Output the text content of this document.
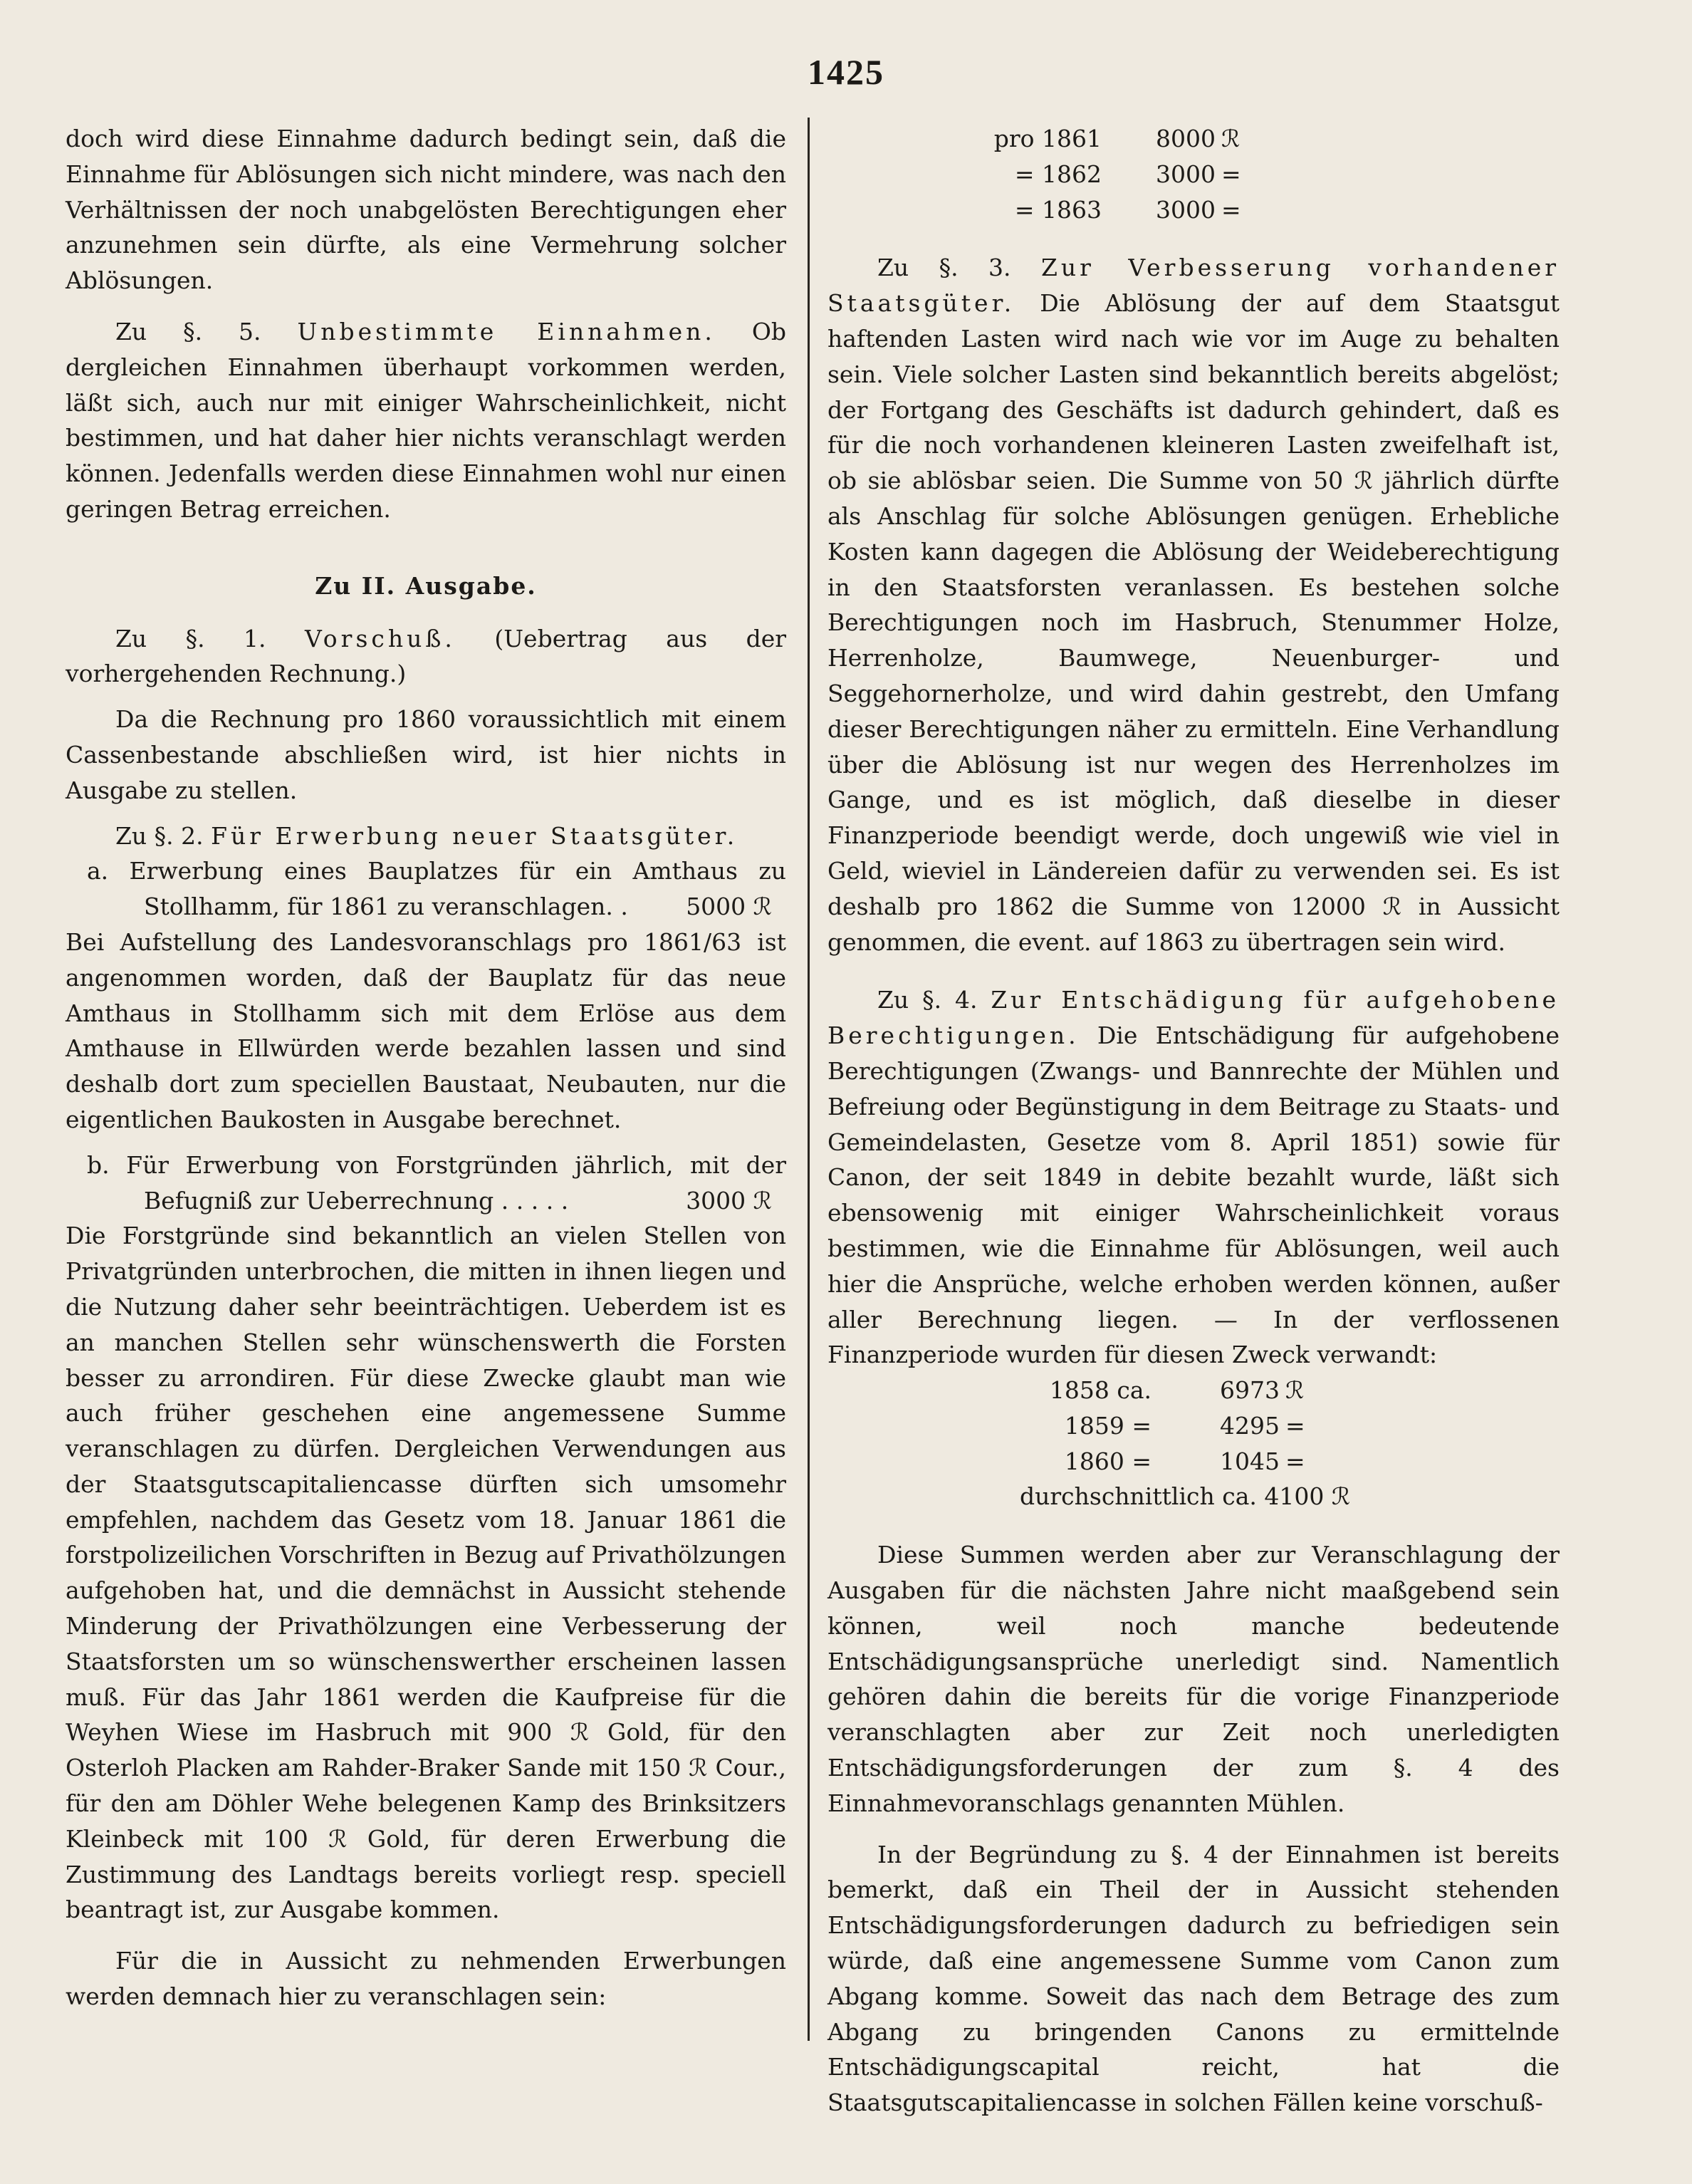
1425

doch wird diese Einnahme dadurch bedingt sein, daß die Einnahme für Ablösungen sich nicht mindere, was nach den Verhältnissen der noch unabgelösten Berechtigungen eher anzunehmen sein dürfte, als eine Vermehrung solcher Ablösungen.

Zu §. 5. Unbestimmte Einnahmen. Ob dergleichen Einnahmen überhaupt vorkommen werden, läßt sich, auch nur mit einiger Wahrscheinlichkeit, nicht bestimmen, und hat daher hier nichts veranschlagt werden können. Jedenfalls werden diese Einnahmen wohl nur einen geringen Betrag erreichen.

Zu II. Ausgabe.

Zu §. 1. Vorschuß. (Uebertrag aus der vorhergehenden Rechnung.)

Da die Rechnung pro 1860 voraussichtlich mit einem Cassenbestande abschließen wird, ist hier nichts in Ausgabe zu stellen.

Zu §. 2. Für Erwerbung neuer Staatsgüter.

a. Erwerbung eines Bauplatzes für ein Amthaus zu Stollhamm, für 1861 zu veranschlagen. . 5000 ℛ

Bei Aufstellung des Landesvoranschlags pro 1861/63 ist angenommen worden, daß der Bauplatz für das neue Amthaus in Stollhamm sich mit dem Erlöse aus dem Amthause in Ellwürden werde bezahlen lassen und sind deshalb dort zum speciellen Baustaat, Neubauten, nur die eigentlichen Baukosten in Ausgabe berechnet.

b. Für Erwerbung von Forstgründen jährlich, mit der Befugniß zur Ueberrechnung . . . . .	3000 ℛ

Die Forstgründe sind bekanntlich an vielen Stellen von Privatgründen unterbrochen, die mitten in ihnen liegen und die Nutzung daher sehr beeinträchtigen. Ueberdem ist es an manchen Stellen sehr wünschenswerth die Forsten besser zu arrondiren. Für diese Zwecke glaubt man wie auch früher geschehen eine angemessene Summe veranschlagen zu dürfen. Dergleichen Verwendungen aus der Staatsgutscapitaliencasse dürften sich umsomehr empfehlen, nachdem das Gesetz vom 18. Januar 1861 die forstpolizeilichen Vorschriften in Bezug auf Privathölzungen aufgehoben hat, und die demnächst in Aussicht stehende Minderung der Privathölzungen eine Verbesserung der Staatsforsten um so wünschenswerther erscheinen lassen muß. Für das Jahr 1861 werden die Kaufpreise für die Weyhen Wiese im Hasbruch mit 900 ℛ Gold, für den Osterloh Placken am Rahder-Braker Sande mit 150 ℛ Cour., für den am Döhler Wehe belegenen Kamp des Brinksitzers Kleinbeck mit 100 ℛ Gold, für deren Erwerbung die Zustimmung des Landtags bereits vorliegt resp. speciell beantragt ist, zur Ausgabe kommen.

Für die in Aussicht zu nehmenden Erwerbungen werden demnach hier zu veranschlagen sein:

pro 1861	8000 ℛ
= 1862	3000 =
= 1863	3000 =

Zu §. 3. Zur Verbesserung vorhandener Staatsgüter. Die Ablösung der auf dem Staatsgut haftenden Lasten wird nach wie vor im Auge zu behalten sein. Viele solcher Lasten sind bekanntlich bereits abgelöst; der Fortgang des Geschäfts ist dadurch gehindert, daß es für die noch vorhandenen kleineren Lasten zweifelhaft ist, ob sie ablösbar seien. Die Summe von 50 ℛ jährlich dürfte als Anschlag für solche Ablösungen genügen. Erhebliche Kosten kann dagegen die Ablösung der Weideberechtigung in den Staatsforsten veranlassen. Es bestehen solche Berechtigungen noch im Hasbruch, Stenummer Holze, Herrenholze, Baumwege, Neuenburger- und Seggehornerholze, und wird dahin gestrebt, den Umfang dieser Berechtigungen näher zu ermitteln. Eine Verhandlung über die Ablösung ist nur wegen des Herrenholzes im Gange, und es ist möglich, daß dieselbe in dieser Finanzperiode beendigt werde, doch ungewiß wie viel in Geld, wieviel in Ländereien dafür zu verwenden sei. Es ist deshalb pro 1862 die Summe von 12000 ℛ in Aussicht genommen, die event. auf 1863 zu übertragen sein wird.

Zu §. 4. Zur Entschädigung für aufgehobene Berechtigungen. Die Entschädigung für aufgehobene Berechtigungen (Zwangs- und Bannrechte der Mühlen und Befreiung oder Begünstigung in dem Beitrage zu Staats- und Gemeindelasten, Gesetze vom 8. April 1851) sowie für Canon, der seit 1849 in debite bezahlt wurde, läßt sich ebensowenig mit einiger Wahrscheinlichkeit voraus bestimmen, wie die Einnahme für Ablösungen, weil auch hier die Ansprüche, welche erhoben werden können, außer aller Berechnung liegen. — In der verflossenen Finanzperiode wurden für diesen Zweck verwandt:

1858 ca.	6973 ℛ
1859 =	4295 =
1860 =	1045 =
durchschnittlich ca. 4100 ℛ

Diese Summen werden aber zur Veranschlagung der Ausgaben für die nächsten Jahre nicht maaßgebend sein können, weil noch manche bedeutende Entschädigungsansprüche unerledigt sind. Namentlich gehören dahin die bereits für die vorige Finanzperiode veranschlagten aber zur Zeit noch unerledigten Entschädigungsforderungen der zum §. 4 des Einnahmevoranschlags genannten Mühlen.

In der Begründung zu §. 4 der Einnahmen ist bereits bemerkt, daß ein Theil der in Aussicht stehenden Entschädigungsforderungen dadurch zu befriedigen sein würde, daß eine angemessene Summe vom Canon zum Abgang komme. Soweit das nach dem Betrage des zum Abgang zu bringenden Canons zu ermittelnde Entschädigungscapital reicht, hat die Staatsgutscapitaliencasse in solchen Fällen keine vorschuß-
